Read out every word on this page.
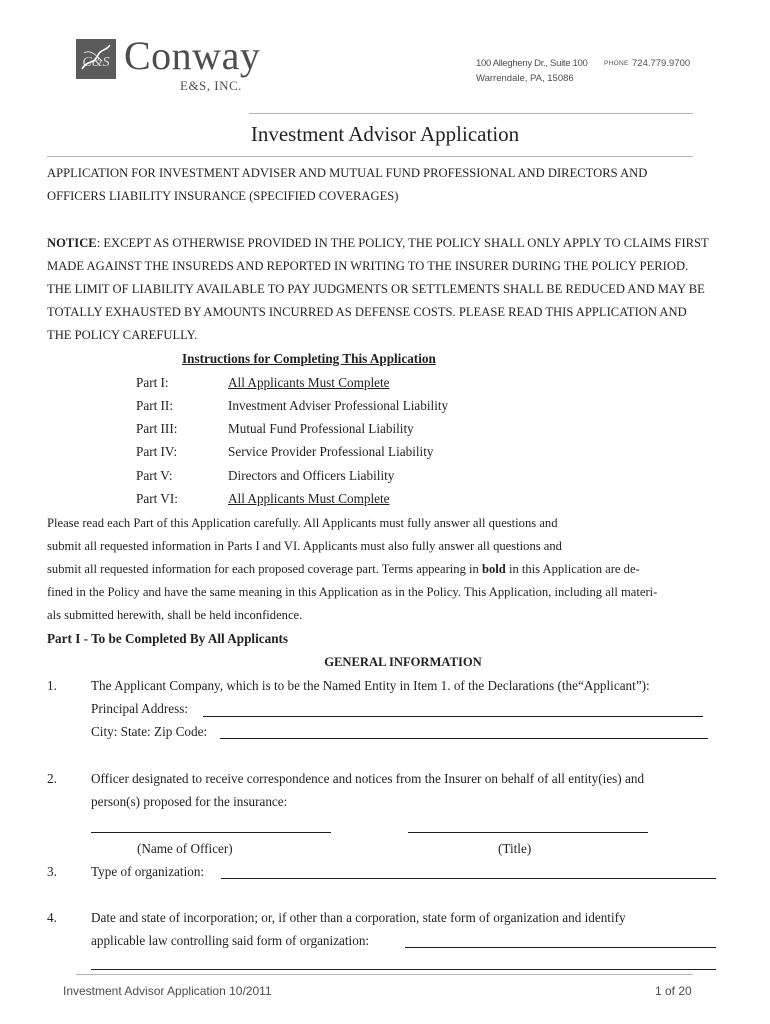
C&S Conway
E&S, INC.
100 Allegheny Dr., Suite 100	PHONE 724.779.9700
Warrendale, PA, 15086
Investment Advisor Application
APPLICATION FOR INVESTMENT ADVISER AND MUTUAL FUND PROFESSIONAL AND DIRECTORS AND
OFFICERS LIABILITY INSURANCE (SPECIFIED COVERAGES)
NOTICE: EXCEPT AS OTHERWISE PROVIDED IN THE POLICY, THE POLICY SHALL ONLY APPLY TO CLAIMS FIRST
MADE AGAINST THE INSUREDS AND REPORTED IN WRITING TO THE INSURER DURING THE POLICY PERIOD.
THE LIMIT OF LIABILITY AVAILABLE TO PAY JUDGMENTS OR SETTLEMENTS SHALL BE REDUCED AND MAY BE
TOTALLY EXHAUSTED BY AMOUNTS INCURRED AS DEFENSE COSTS. PLEASE READ THIS APPLICATION AND
THE POLICY CAREFULLY.
Instructions for Completing This Application
Part I:	All Applicants Must Complete
Part II:	Investment Adviser Professional Liability
Part III:	Mutual Fund Professional Liability
Part IV:	Service Provider Professional Liability
Part V:	Directors and Officers Liability
Part VI:	All Applicants Must Complete
Please read each Part of this Application carefully. All Applicants must fully answer all questions and
submit all requested information in Parts I and VI. Applicants must also fully answer all questions and
submit all requested information for each proposed coverage part. Terms appearing in bold in this Application are de-
fined in the Policy and have the same meaning in this Application as in the Policy. This Application, including all materi-
als submitted herewith, shall be held inconfidence.
Part I - To be Completed By All Applicants
GENERAL INFORMATION
1.	The Applicant Company, which is to be the Named Entity in Item 1. of the Declarations (the“Applicant”):
Principal Address:
City: State: Zip Code:
2.	Officer designated to receive correspondence and notices from the Insurer on behalf of all entity(ies) and
person(s) proposed for the insurance:
(Name of Officer)	(Title)
3.	Type of organization:
4.	Date and state of incorporation; or, if other than a corporation, state form of organization and identify
applicable law controlling said form of organization:
Investment Advisor Application 10/2011	1 of 20
